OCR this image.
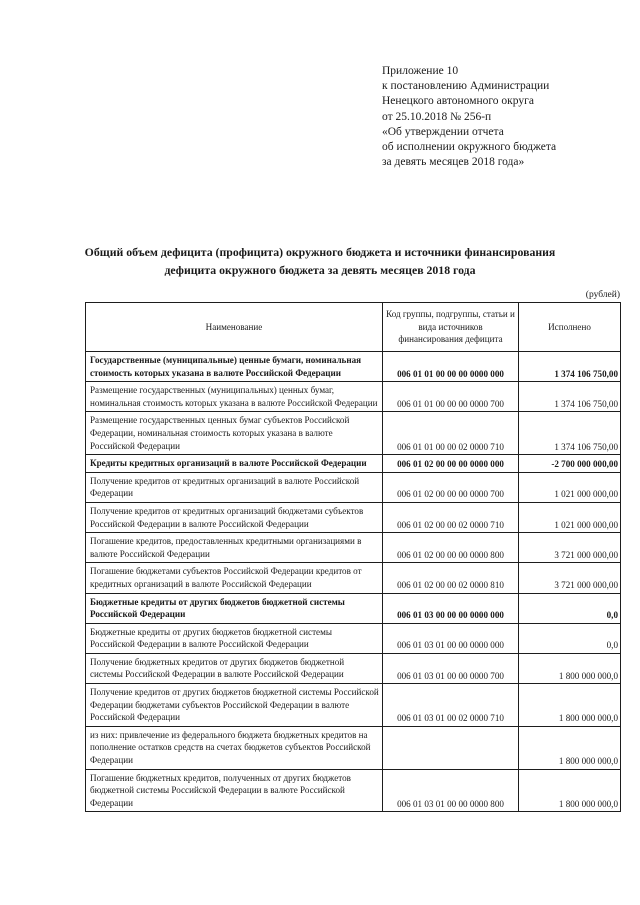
Приложение 10
к постановлению Администрации
Ненецкого автономного округа
от 25.10.2018 № 256-п
«Об утверждении отчета
об исполнении окружного бюджета
за девять месяцев 2018 года»
Общий объем дефицита (профицита) окружного бюджета и источники финансирования дефицита окружного бюджета за девять месяцев 2018 года
(рублей)
Наименование	Код группы, подгруппы, статьи и вида источников финансирования дефицита	Исполнено
Государственные (муниципальные) ценные бумаги, номинальная стоимость которых указана в валюте Российской Федерации	006 01 01 00 00 00 0000 000	1 374 106 750,00
Размещение государственных (муниципальных) ценных бумаг, номинальная стоимость которых указана в валюте Российской Федерации	006 01 01 00 00 00 0000 700	1 374 106 750,00
Размещение государственных ценных бумаг субъектов Российской Федерации, номинальная стоимость которых указана в валюте Российской Федерации	006 01 01 00 00 02 0000 710	1 374 106 750,00
Кредиты кредитных организаций в валюте Российской Федерации	006 01 02 00 00 00 0000 000	-2 700 000 000,00
Получение кредитов от кредитных организаций в валюте Российской Федерации	006 01 02 00 00 00 0000 700	1 021 000 000,00
Получение кредитов от кредитных организаций бюджетами субъектов Российской Федерации в валюте Российской Федерации	006 01 02 00 00 02 0000 710	1 021 000 000,00
Погашение кредитов, предоставленных кредитными организациями в валюте Российской Федерации	006 01 02 00 00 00 0000 800	3 721 000 000,00
Погашение бюджетами субъектов Российской Федерации кредитов от кредитных организаций в валюте Российской Федерации	006 01 02 00 00 02 0000 810	3 721 000 000,00
Бюджетные кредиты от других бюджетов бюджетной системы Российской Федерации	006 01 03 00 00 00 0000 000	0,0
Бюджетные кредиты от других бюджетов бюджетной системы Российской Федерации в валюте Российской Федерации	006 01 03 01 00 00 0000 000	0,0
Получение бюджетных кредитов от других бюджетов бюджетной системы Российской Федерации в валюте Российской Федерации	006 01 03 01 00 00 0000 700	1 800 000 000,0
Получение кредитов от других бюджетов бюджетной системы Российской Федерации бюджетами субъектов Российской Федерации в валюте Российской Федерации	006 01 03 01 00 02 0000 710	1 800 000 000,0
из них: привлечение из федерального бюджета бюджетных кредитов на пополнение остатков средств на счетах бюджетов субъектов Российской Федерации		1 800 000 000,0
Погашение бюджетных кредитов, полученных от других бюджетов бюджетной системы Российской Федерации в валюте Российской Федерации	006 01 03 01 00 00 0000 800	1 800 000 000,0
